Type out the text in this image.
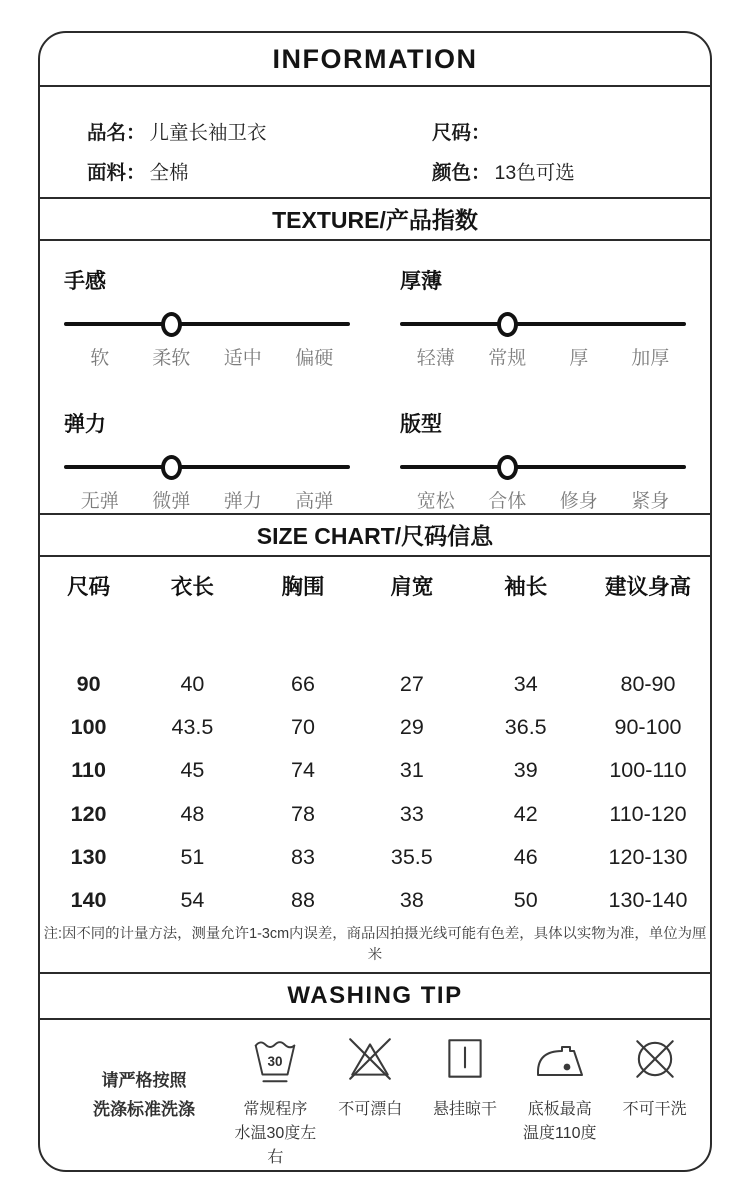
INFORMATION
品名： 儿童长袖卫衣	尺码：
面料： 全棉	颜色： 13色可选
TEXTURE/产品指数
手感
软	柔软	适中	偏硬
厚薄
轻薄	常规	厚	加厚
弹力
无弹	微弹	弹力	高弹
版型
宽松	合体	修身	紧身
SIZE CHART/尺码信息
尺码	衣长	胸围	肩宽	袖长	建议身高
90	40	66	27	34	80-90
100	43.5	70	29	36.5	90-100
110	45	74	31	39	100-110
120	48	78	33	42	110-120
130	51	83	35.5	46	120-130
140	54	88	38	50	130-140
注:因不同的计量方法，测量允许1-3cm内误差，商品因拍摄光线可能有色差，具体以实物为准，单位为厘米
WASHING TIP
请严格按照
洗涤标准洗涤
30
常规程序
水温30度左右
不可漂白 悬挂晾干 底板最高
温度110度
不可干洗
